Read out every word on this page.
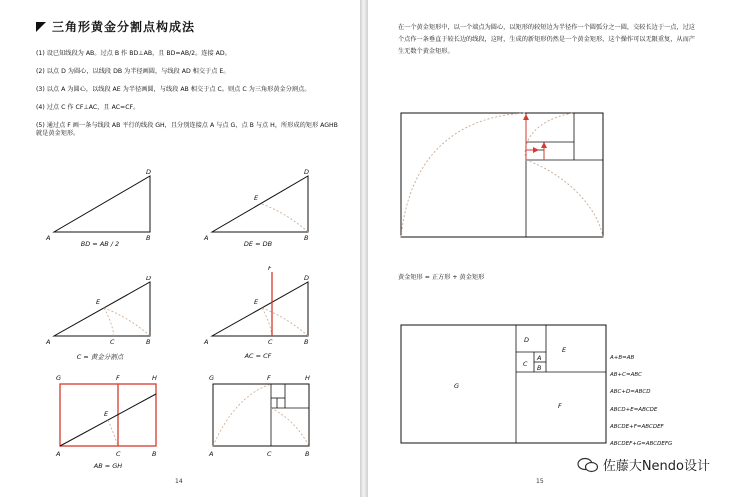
三角形黄金分割点构成法

(1) 设已知线段为 AB。过点 B 作 BD⊥AB，且 BD=AB/2。连接 AD。

(2) 以点 D 为圆心，以线段 DB 为半径画圆，与线段 AD 相交于点 E。

(3) 以点 A 为圆心，以线段 AE 为半径画圆，与线段 AB 相交于点 C。则点 C 为三角形黄金分割点。

(4) 过点 C 作 CF⊥AC，且 AC=CF。

(5) 通过点 F 画一条与线段 AB 平行的线段 GH，且分别连接点 A 与点 G，点 B 与点 H，所形成的矩形 AGHB 就是黄金矩形。

A	B
D
BD = AB / 2
A	B
D
E
DE = DB
A	B
D
E
C
C = 黄金分割点
A	B
D
E
C
F
AC = CF
G	F	H
A	C	B
E
AB = GH
G	F	H
A	C	B
14
在一个黄金矩形中，以一个端点为圆心，以矩形的较短边为半径作一个圆弧分之一圆，交较长边于一点，过这个点作一条垂直于较长边的线段，这时，生成的新矩形仍然是一个黄金矩形，这个操作可以无限重复，从而产生无数个黄金矩形。
黄金矩形 = 正方形 + 黄金矩形
G
F
E
D
C
A
B
A+B=AB
AB+C=ABC
ABC+D=ABCD
ABCD+E=ABCDE
ABCDE+F=ABCDEF
ABCDEF+G=ABCDEFG
佐藤大Nendo设计
15
